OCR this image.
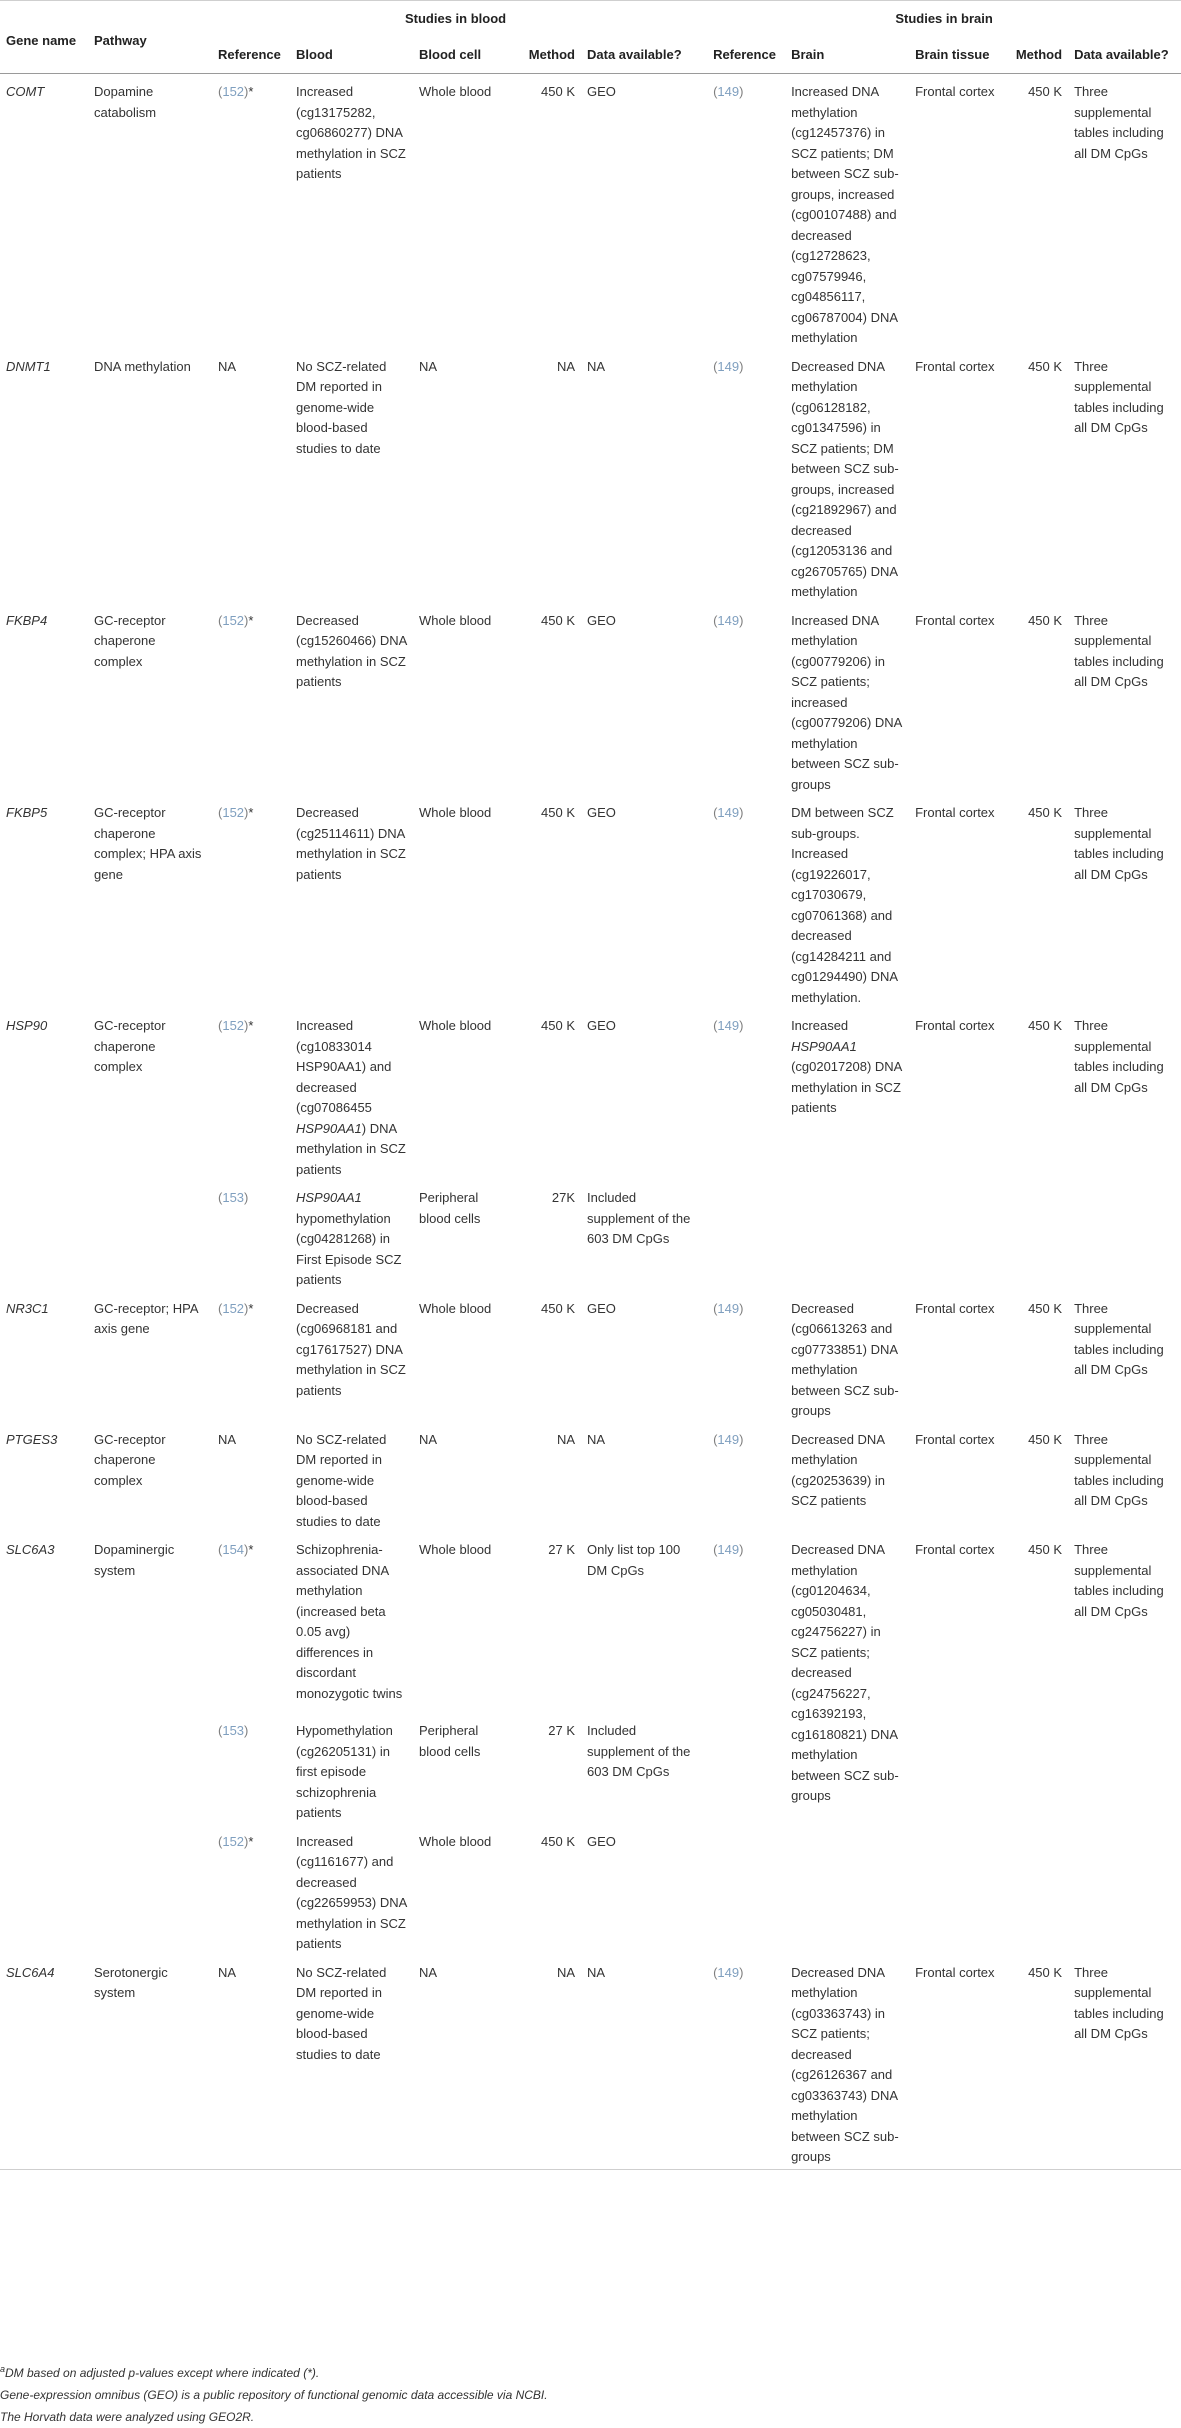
Gene name	Pathway	Studies in blood						Studies in brain				

		Reference	Blood	Blood cell	Method	Data available?		Reference	Brain	Brain tissue	Method	Data available?
COMT	Dopamine catabolism	(152)*	Increased (cg13175282, cg06860277) DNA methylation in SCZ patients	Whole blood	450 K	GEO		(149)	Increased DNA methylation (cg12457376) in SCZ patients; DM between SCZ sub-groups, increased (cg00107488) and decreased (cg12728623, cg07579946, cg04856117, cg06787004) DNA methylation	Frontal cortex	450 K	Three supplemental tables including all DM CpGs
DNMT1	DNA methylation	NA	No SCZ-related DM reported in genome-wide blood-based studies to date	NA	NA	NA		(149)	Decreased DNA methylation (cg06128182, cg01347596) in SCZ patients; DM between SCZ sub-groups, increased (cg21892967) and decreased (cg12053136 and cg26705765) DNA methylation	Frontal cortex	450 K	Three supplemental tables including all DM CpGs
FKBP4	GC-receptor chaperone complex	(152)*	Decreased (cg15260466) DNA methylation in SCZ patients	Whole blood	450 K	GEO		(149)	Increased DNA methylation (cg00779206) in SCZ patients; increased (cg00779206) DNA methylation between SCZ sub-groups	Frontal cortex	450 K	Three supplemental tables including all DM CpGs
FKBP5	GC-receptor chaperone complex; HPA axis gene	(152)*	Decreased (cg25114611) DNA methylation in SCZ patients	Whole blood	450 K	GEO		(149)	DM between SCZ sub-groups. Increased (cg19226017, cg17030679, cg07061368) and decreased (cg14284211 and cg01294490) DNA methylation.	Frontal cortex	450 K	Three supplemental tables including all DM CpGs
HSP90	GC-receptor chaperone complex	(152)*	Increased (cg10833014 HSP90AA1) and decreased (cg07086455 HSP90AA1) DNA methylation in SCZ patients	Whole blood	450 K	GEO		(149)	Increased HSP90AA1 (cg02017208) DNA methylation in SCZ patients	Frontal cortex	450 K	Three supplemental tables including all DM CpGs
		(153)	HSP90AA1 hypomethylation (cg04281268) in First Episode SCZ patients	Peripheral blood cells	27K	Included supplement of the 603 DM CpGs						
NR3C1	GC-receptor; HPA axis gene	(152)*	Decreased (cg06968181 and cg17617527) DNA methylation in SCZ patients	Whole blood	450 K	GEO		(149)	Decreased (cg06613263 and cg07733851) DNA methylation between SCZ sub-groups	Frontal cortex	450 K	Three supplemental tables including all DM CpGs
PTGES3	GC-receptor chaperone complex	NA	No SCZ-related DM reported in genome-wide blood-based studies to date	NA	NA	NA		(149)	Decreased DNA methylation (cg20253639) in SCZ patients	Frontal cortex	450 K	Three supplemental tables including all DM CpGs
SLC6A3	Dopaminergic system	(154)*	Schizophrenia-associated DNA methylation (increased beta 0.05 avg) differences in discordant monozygotic twins	Whole blood	27 K	Only list top 100 DM CpGs		(149)	Decreased DNA methylation (cg01204634, cg05030481, cg24756227) in SCZ patients; decreased (cg24756227, cg16392193, cg16180821) DNA methylation between SCZ sub-groups	Frontal cortex	450 K	Three supplemental tables including all DM CpGs
		(153)	Hypomethylation (cg26205131) in first episode schizophrenia patients	Peripheral blood cells	27 K	Included supplement of the 603 DM CpGs						
		(152)*	Increased (cg1161677) and decreased (cg22659953) DNA methylation in SCZ patients	Whole blood	450 K	GEO						
SLC6A4	Serotonergic system	NA	No SCZ-related DM reported in genome-wide blood-based studies to date	NA	NA	NA		(149)	Decreased DNA methylation (cg03363743) in SCZ patients; decreased (cg26126367 and cg03363743) DNA methylation between SCZ sub-groups	Frontal cortex	450 K	Three supplemental tables including all DM CpGs
$^a$DM based on adjusted p-values except where indicated (*).
Gene-expression omnibus (GEO) is a public repository of functional genomic data accessible via NCBI.
The Horvath data were analyzed using GEO2R.
